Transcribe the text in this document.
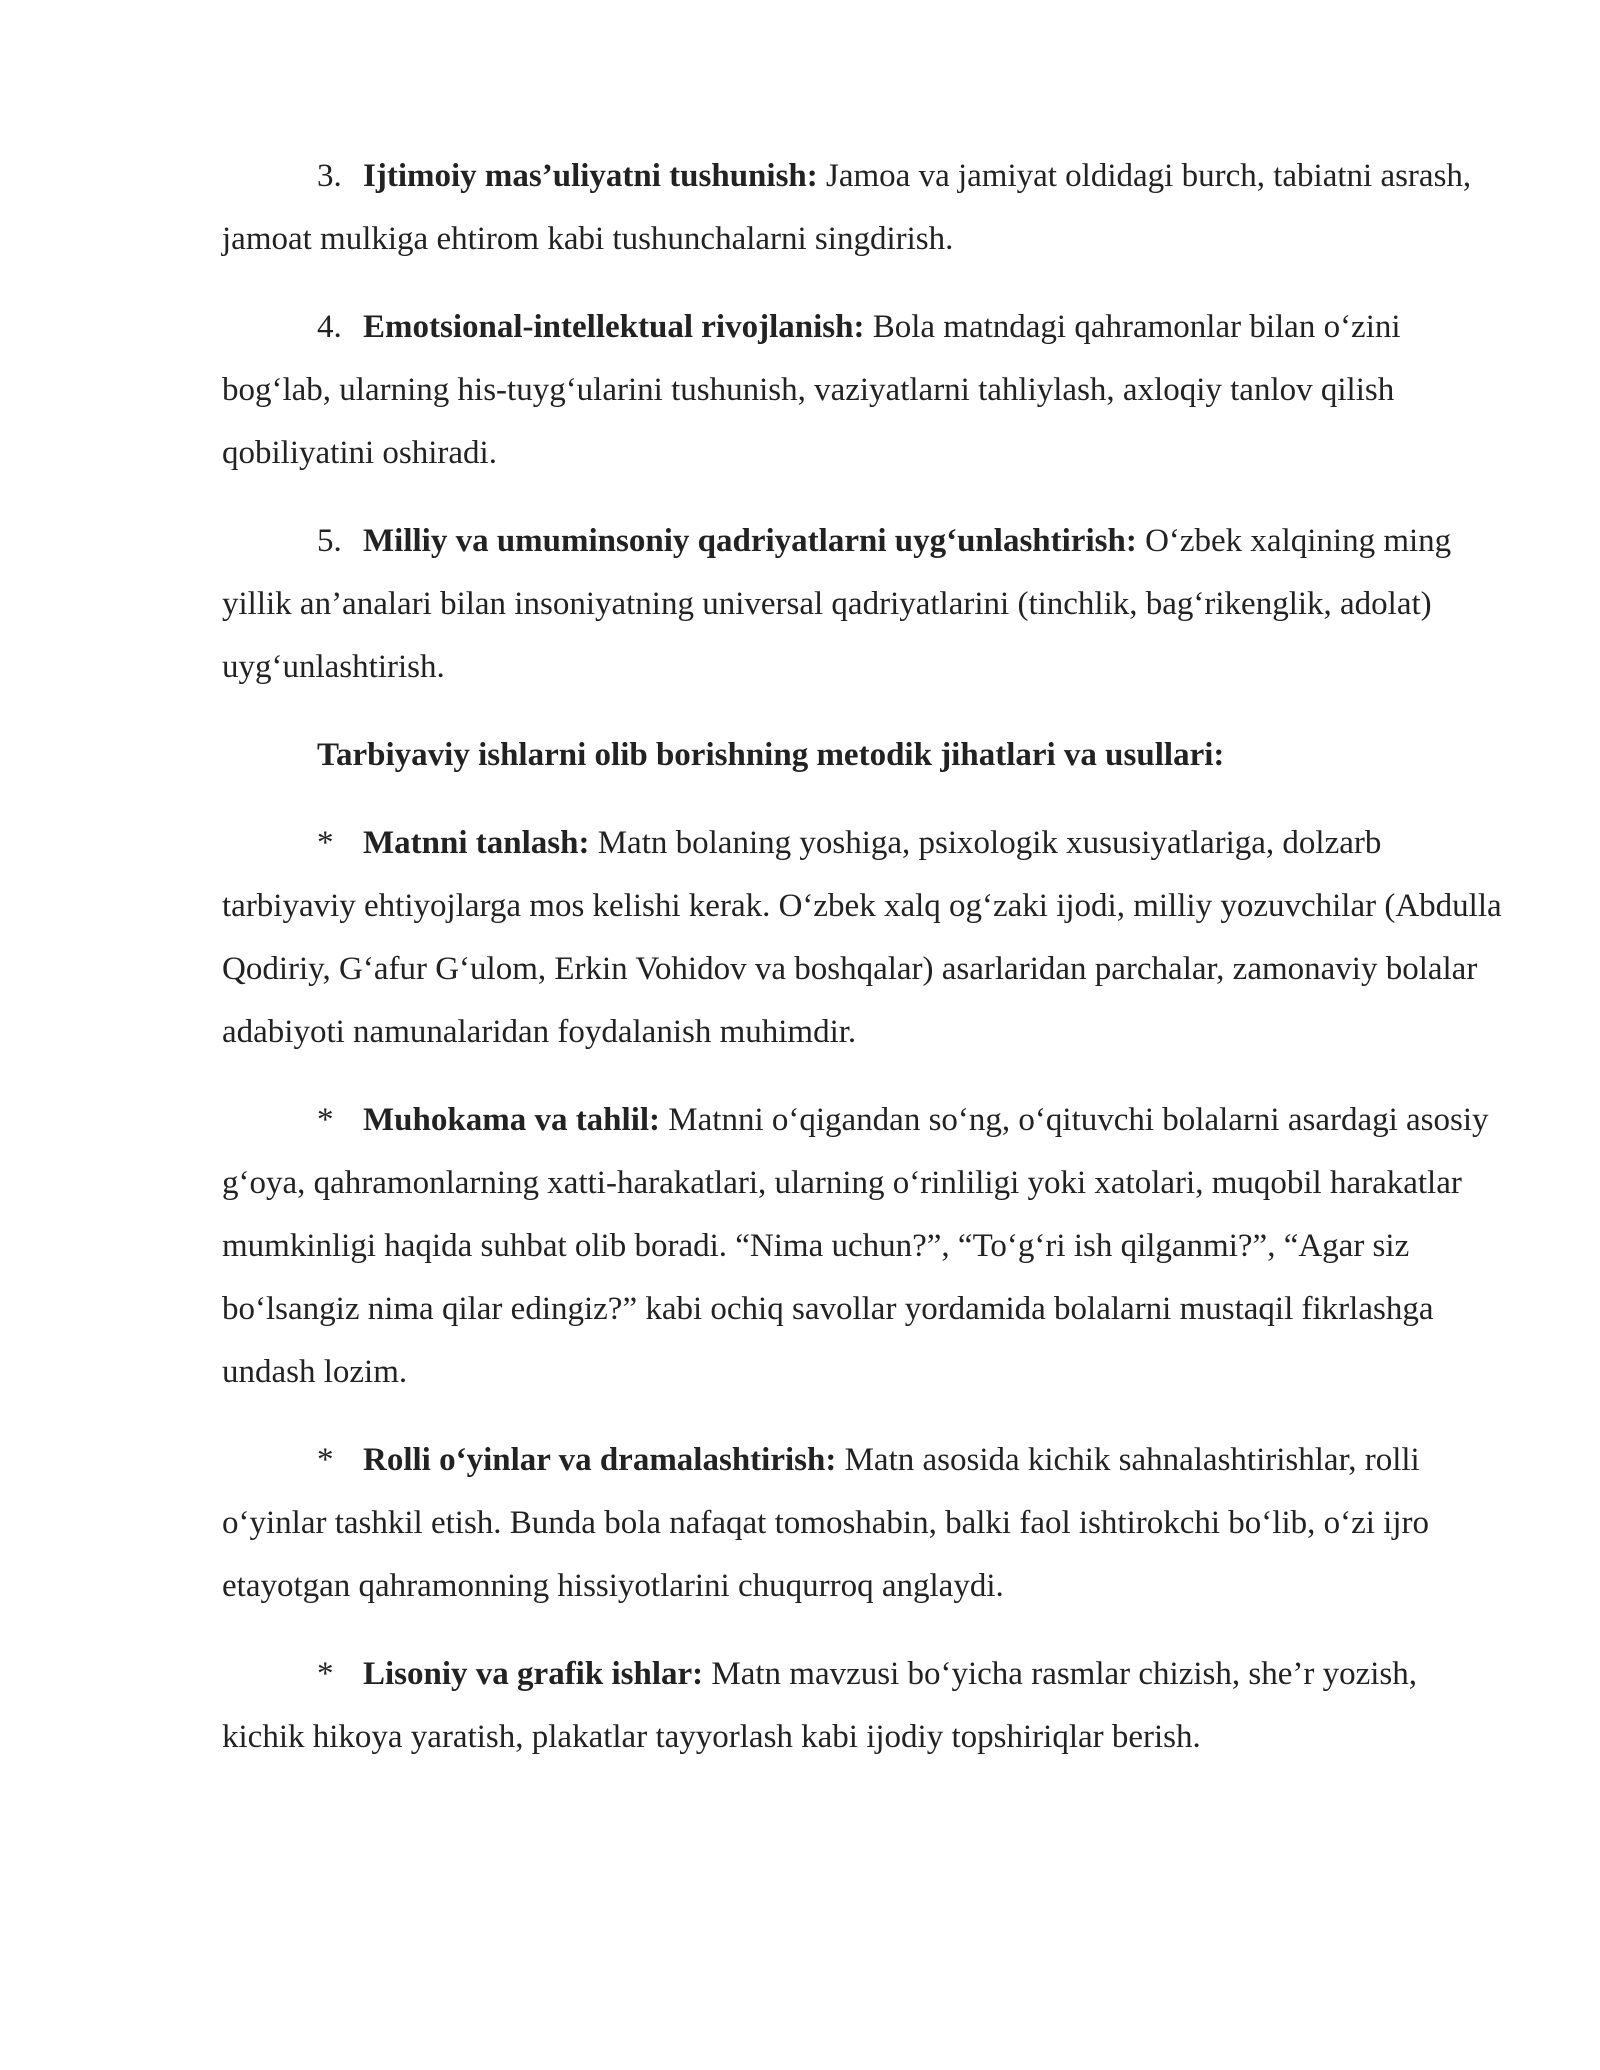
3. Ijtimoiy mas’uliyatni tushunish: Jamoa va jamiyat oldidagi burch, tabiatni asrash, jamoat mulkiga ehtirom kabi tushunchalarni singdirish.

4. Emotsional-intellektual rivojlanish: Bola matndagi qahramonlar bilan o‘zini bog‘lab, ularning his-tuyg‘ularini tushunish, vaziyatlarni tahliylash, axloqiy tanlov qilish qobiliyatini oshiradi.

5. Milliy va umuminsoniy qadriyatlarni uyg‘unlashtirish: O‘zbek xalqining ming yillik an’analari bilan insoniyatning universal qadriyatlarini (tinchlik, bag‘rikenglik, adolat) uyg‘unlashtirish.

Tarbiyaviy ishlarni olib borishning metodik jihatlari va usullari:

* Matnni tanlash: Matn bolaning yoshiga, psixologik xususiyatlariga, dolzarb tarbiyaviy ehtiyojlarga mos kelishi kerak. O‘zbek xalq og‘zaki ijodi, milliy yozuvchilar (Abdulla Qodiriy, G‘afur G‘ulom, Erkin Vohidov va boshqalar) asarlaridan parchalar, zamonaviy bolalar adabiyoti namunalaridan foydalanish muhimdir.

* Muhokama va tahlil: Matnni o‘qigandan so‘ng, o‘qituvchi bolalarni asardagi asosiy g‘oya, qahramonlarning xatti-harakatlari, ularning o‘rinliligi yoki xatolari, muqobil harakatlar mumkinligi haqida suhbat olib boradi. “Nima uchun?”, “To‘g‘ri ish qilganmi?”, “Agar siz bo‘lsangiz nima qilar edingiz?” kabi ochiq savollar yordamida bolalarni mustaqil fikrlashga undash lozim.

* Rolli o‘yinlar va dramalashtirish: Matn asosida kichik sahnalashtirishlar, rolli o‘yinlar tashkil etish. Bunda bola nafaqat tomoshabin, balki faol ishtirokchi bo‘lib, o‘zi ijro etayotgan qahramonning hissiyotlarini chuqurroq anglaydi.

* Lisoniy va grafik ishlar: Matn mavzusi bo‘yicha rasmlar chizish, she’r yozish, kichik hikoya yaratish, plakatlar tayyorlash kabi ijodiy topshiriqlar berish.
